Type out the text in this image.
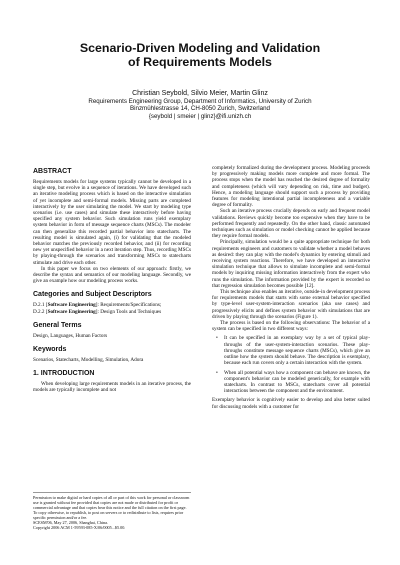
Scenario-Driven Modeling and Validation
of Requirements Models
Christian Seybold, Silvio Meier, Martin Glinz
Requirements Engineering Group, Department of Informatics, University of Zurich
Binzmühlestrasse 14, CH-8050 Zurich, Switzerland
{seybold | smeier | glinz}@ifi.unizh.ch
ABSTRACT

Requirements models for large systems typically cannot be developed in a single step, but evolve in a sequence of iterations. We have developed such an iterative modeling process which is based on the interactive simulation of yet incomplete and semi-formal models. Missing parts are completed interactively by the user simulating the model. We start by modeling type scenarios (i.e. use cases) and simulate these interactively before having specified any system behavior. Such simulation runs yield exemplary system behavior in form of message sequence charts (MSCs). The modeler can then generalize this recorded partial behavior into statecharts. The resulting model is simulated again, (i) for validating that the modeled behavior matches the previously recorded behavior, and (ii) for recording new yet unspecified behavior in a next iteration step. Thus, recording MSCs by playing-through the scenarios and transforming MSCs to statecharts stimulate and drive each other.

In this paper we focus on two elements of our approach: firstly, we describe the syntax and semantics of our modeling language. Secondly, we give an example how our modeling process works.

Categories and Subject Descriptors

D.2.1 [Software Engineering]: Requirements/Specifications;

D.2.2 [Software Engineering]: Design Tools and Techniques

General Terms

Design, Languages, Human Factors

Keywords

Scenarios, Statecharts, Modelling, Simulation, Adora

1. INTRODUCTION

When developing large requirements models in an iterative process, the models are typically incomplete and not

Permission to make digital or hard copies of all or part of this work for personal or classroom use is granted without fee provided that copies are not made or distributed for profit or commercial advantage and that copies bear this notice and the full citation on the first page. To copy otherwise, to republish, to post on servers or to redistribute to lists, requires prior specific permission and/or a fee.
SCESM'06, May 27, 2006, Shanghai, China.
Copyright 2006 ACM 1-59593-085-X/06/0005...$5.00.

completely formalized during the development process. Modeling proceeds by progressively making models more complete and more formal. The process stops when the model has reached the desired degree of formality and completeness (which will vary depending on risk, time and budget). Hence, a modeling language should support such a process by providing features for modeling intentional partial incompleteness and a variable degree of formality.

Such an iterative process crucially depends on early and frequent model validations. Reviews quickly become too expensive when they have to be performed frequently and repeatedly. On the other hand, classic automated techniques such as simulation or model checking cannot be applied because they require formal models.

Principally, simulation would be a quite appropriate technique for both requirements engineers and customers to validate whether a model behaves as desired: they can play with the model's dynamics by entering stimuli and receiving system reactions. Therefore, we have developed an interactive simulation technique that allows to simulate incomplete and semi-formal models by inquiring missing information interactively from the expert who runs the simulation. The information provided by the expert is recorded so that regression simulation becomes possible [12].

This technique also enables an iterative, outside-in development process for requirements models that starts with some external behavior specified by type-level user-system-interaction scenarios (aka use cases) and progressively elicits and defines system behavior with simulations that are driven by playing through the scenarios (Figure 1).

The process is based on the following observations: The behavior of a system can be specified in two different ways:

• It can be specified in an exemplary way by a set of typical play-throughs of the user-system-interaction scenarios. These play-throughs constitute message sequence charts (MSCs), which give an outline how the system should behave. The description is exemplary, because each run covers only a certain interaction with the system.
• When all potential ways how a component can behave are known, the component's behavior can be modeled generically, for example with statecharts. In contrast to MSCs, statecharts cover all potential interactions between the component and the environment.

Exemplary behavior is cognitively easier to develop and also better suited for discussing models with a customer for
